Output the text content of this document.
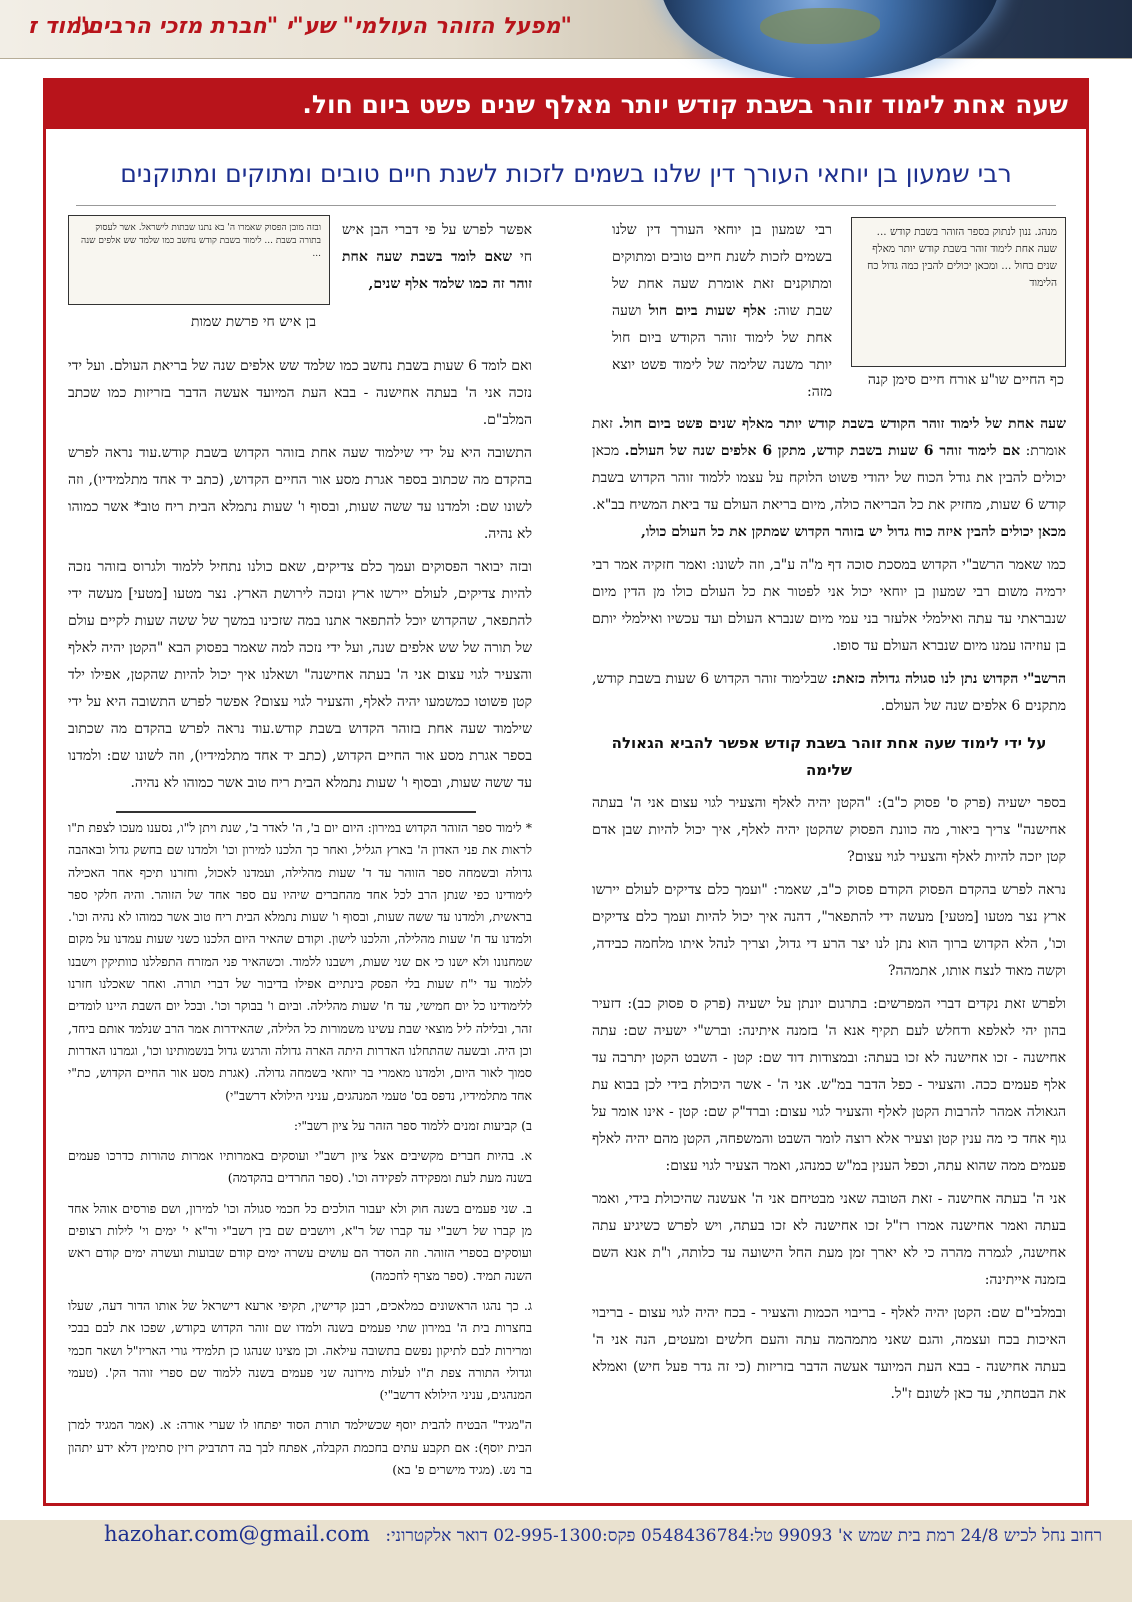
"מפעל הזוהר העולמי" שע"י "חברת מזכי הרבים"
עמוד ז
שעה אחת לימוד זוהר בשבת קודש יותר מאלף שנים פשט ביום חול.
רבי שמעון בן יוחאי העורך דין שלנו בשמים לזכות לשנת חיים טובים ומתוקים ומתוקנים
מנהג. ננון לנתוק בספר הזוהר בשבת קודש ... שעה אחת לימוד זוהר בשבת קודש יותר מאלף שנים בחול ... ומכאן יכולים להבין כמה גדול כח הלימוד
כף החיים שו"ע אורח חיים סימן קנה

רבי שמעון בן יוחאי העורך דין שלנו בשמים לזכות לשנת חיים טובים ומתוקים ומתוקנים זאת אומרת שעה אחת של שבת שוה: אלף שעות ביום חול ושעה אחת של לימוד זוהר הקודש ביום חול יותר משנה שלימה של לימוד פשט יוצא מזה:

שעה אחת של לימוד זוהר הקודש בשבת קודש יותר מאלף שנים פשט ביום חול. זאת אומרת: אם לימוד זוהר 6 שעות בשבת קודש, מתקן 6 אלפים שנה של העולם. מכאן יכולים להבין את גודל הכוח של יהודי פשוט הלוקח על עצמו ללמוד זוהר הקדוש בשבת קודש 6 שעות, מחזיק את כל הבריאה כולה, מיום בריאת העולם עד ביאת המשיח בב"א. מכאן יכולים להבין איזה כוח גדול יש בזוהר הקדוש שמתקן את כל העולם כולו,

כמו שאמר הרשב"י הקדוש במסכת סוכה דף מ"ה ע"ב, וזה לשונו: ואמר חזקיה אמר רבי ירמיה משום רבי שמעון בן יוחאי יכול אני לפטור את כל העולם כולו מן הדין מיום שנבראתי עד עתה ואילמלי אלעזר בני עמי מיום שנברא העולם ועד עכשיו ואילמלי יותם בן עוזיהו עמנו מיום שנברא העולם עד סופו.

הרשב"י הקדוש נתן לנו סגולה גדולה כזאת: שבלימוד זוהר הקדוש 6 שעות בשבת קודש, מתקנים 6 אלפים שנה של העולם.

על ידי לימוד שעה אחת זוהר בשבת קודש אפשר להביא הגאולה שלימה

בספר ישעיה (פרק ס' פסוק כ"ב): "הקטן יהיה לאלף והצעיר לגוי עצום אני ה' בעתה אחישנה" צריך ביאור, מה כוונת הפסוק שהקטן יהיה לאלף, איך יכול להיות שבן אדם קטן יזכה להיות לאלף והצעיר לגוי עצום?

נראה לפרש בהקדם הפסוק הקודם פסוק כ"ב, שאמר: "ועמך כלם צדיקים לעולם יירשו ארץ נצר מטעו [מטעי] מעשה ידי להתפאר", דהנה איך יכול להיות ועמך כלם צדיקים וכו', הלא הקדוש ברוך הוא נתן לנו יצר הרע די גדול, וצריך לנהל איתו מלחמה כבידה, וקשה מאוד לנצח אותו, אתמהה?

ולפרש זאת נקדים דברי המפרשים: בתרגום יונתן על ישעיה (פרק ס פסוק כב): דזעיר בהון יהי לאלפא ודחלש לעם תקיף אנא ה' בזמנה איתינה: וברש"י ישעיה שם: עתה אחישנה - זכו אחישנה לא זכו בעתה: ובמצודות דוד שם: קטן - השבט הקטן יתרבה עד אלף פעמים ככה. והצעיר - כפל הדבר במ"ש. אני ה' - אשר היכולת בידי לכן בבוא עת הגאולה אמהר להרבות הקטן לאלף והצעיר לגוי עצום: וברד"ק שם: קטן - אינו אומר על גוף אחד כי מה ענין קטן וצעיר אלא רוצה לומר השבט והמשפחה, הקטן מהם יהיה לאלף פעמים ממה שהוא עתה, וכפל הענין במ"ש כמנהג, ואמר הצעיר לגוי עצום:

אני ה' בעתה אחישנה - זאת הטובה שאני מבטיחם אני ה' אעשנה שהיכולת בידי, ואמר בעתה ואמר אחישנה אמרו רז"ל זכו אחישנה לא זכו בעתה, ויש לפרש כשיגיע עתה אחישנה, לגמרה מהרה כי לא יארך זמן מעת החל הישועה עד כלותה, ו"ת אנא השם בזמנה אייתינה:

ובמלבי"ם שם: הקטן יהיה לאלף - בריבוי הכמות והצעיר - בכח יהיה לגוי עצום - בריבוי האיכות בכח ועצמה, והגם שאני מתמהמה עתה והעם חלשים ומעטים, הנה אני ה' בעתה אחישנה - בבא העת המיועד אעשה הדבר בזריזות (כי זה גדר פעל חיש) ואמלא את הבטחתי, עד כאן לשונם ז"ל.

ובזה מובן הפסוק שאמרו ה' בא נתנו שבתות לישראל. אשר לעסוק בתורה בשבת ... לימוד בשבת קודש נחשב כמו שלמד שש אלפים שנה ...
בן איש חי פרשת שמות

אפשר לפרש על פי דברי הבן איש חי שאם לומד בשבת שעה אחת זוהר זה כמו שלמד אלף שנים,

ואם לומד 6 שעות בשבת נחשב כמו שלמד שש אלפים שנה של בריאת העולם. ועל ידי נזכה אני ה' בעתה אחישנה - בבא העת המיועד אעשה הדבר בזריזות כמו שכתב המלב"ם.

התשובה היא על ידי שילמוד שעה אחת בזוהר הקדוש בשבת קודש.עוד נראה לפרש בהקדם מה שכתוב בספר אגרת מסע אור החיים הקדוש, (כתב יד אחד מתלמידיו), וזה לשונו שם: ולמדנו עד ששה שעות, ובסוף ו' שעות נתמלא הבית ריח טוב* אשר כמוהו לא נהיה.

ובזה יבואר הפסוקים ועמך כלם צדיקים, שאם כולנו נתחיל ללמוד ולגרוס בזוהר נזכה להיות צדיקים, לעולם יירשו ארץ ונזכה לירושת הארץ. נצר מטעו [מטעי] מעשה ידי להתפאר, שהקדוש יוכל להתפאר אתנו במה שזכינו במשך של ששה שעות לקיים עולם של תורה של שש אלפים שנה, ועל ידי נזכה למה שאמר בפסוק הבא "הקטן יהיה לאלף והצעיר לגוי עצום אני ה' בעתה אחישנה" ושאלנו איך יכול להיות שהקטן, אפילו ילד קטן פשוטו כמשמעו יהיה לאלף, והצעיר לגוי עצום? אפשר לפרש התשובה היא על ידי שילמוד שעה אחת בזוהר הקדוש בשבת קודש.עוד נראה לפרש בהקדם מה שכתוב בספר אגרת מסע אור החיים הקדוש, (כתב יד אחד מתלמידיו), וזה לשונו שם: ולמדנו עד ששה שעות, ובסוף ו' שעות נתמלא הבית ריח טוב אשר כמוהו לא נהיה.

* לימוד ספר הזוהר הקדוש במירון: היום יום ב', ה' לאדר ב', שנת ויתן ל"ו, נסענו מעכו לצפת ת"ו לראות את פני האדון ה' בארץ הגליל, ואחר כך הלכנו למירון וכו' ולמדנו שם בחשק גדול ובאהבה גדולה ובשמחה ספר הזוהר עד ד' שעות מהלילה, ועמדנו לאכול, וחזרנו תיכף אחר האכילה לימודינו כפי שנתן הרב לכל אחד מהחברים שיהיו עם ספר אחד של הזוהר. והיה חלקי ספר בראשית, ולמדנו עד ששה שעות, ובסוף ו' שעות נתמלא הבית ריח טוב אשר כמוהו לא נהיה וכו'. ולמדנו עד ח' שעות מהלילה, והלכנו לישון. וקודם שהאיר היום הלכנו כשני שעות עמדנו על מקום שמחנונו ולא ישנו כי אם שני שעות, וישבנו ללמוד. וכשהאיר פני המזרח התפללנו כוותיקין וישבנו ללמוד עד י"ח שעות בלי הפסק בינתיים אפילו בדיבור של דברי תורה. ואחר שאכלנו חזרנו ללימודינו כל יום חמישי, עד ח' שעות מהלילה. וביום ו' בבוקר וכו'. ובכל יום השבת היינו לומדים זהר, ובלילה ליל מוצאי שבת עשינו משמורות כל הלילה, שהאידרות אמר הרב שנלמד אותם ביחד, וכן היה. ובשעה שהתחלנו האדרות היתה הארה גדולה והרגש גדול בנשמותינו וכו', וגמרנו האדרות סמוך לאור היום, ולמדנו מאמרי בר יוחאי בשמחה גדולה. (אגרת מסע אור החיים הקדוש, כת"י אחד מתלמידיו, נדפס בס' טעמי המנהגים, עניני הילולא דרשב"י)

ב) קביעות זמנים ללמוד ספר הזהר על ציון רשב"י:

א. בהיות חברים מקשיבים אצל ציון רשב"י ועוסקים באמרותיו אמרות טהורות כדרכו פעמים בשנה מעת לעת ומפקידה לפקידה וכו'. (ספר החרדים בהקדמה)

ב. שני פעמים בשנה חוק ולא יעבור הולכים כל חכמי סגולה וכו' למירון, ושם פורסים אוהל אחד מן קברו של רשב"י עד קברו של ר"א, ויושבים שם בין רשב"י ור"א י' ימים וי' לילות רצופים ועוסקים בספרי הזוהר. וזה הסדר הם עושים עשרה ימים קודם שבועות ועשרה ימים קודם ראש השנה תמיד. (ספר מצרף לחכמה)

ג. כך נהגו הראשונים כמלאכים, רבנן קדישין, תקיפי ארעא דישראל של אותו הדור דעה, שעלו בחצרות בית ה' במירון שתי פעמים בשנה ולמדו שם זוהר הקדוש בקודש, שפכו את לבם בבכי ומרירות לבם לתיקון נפשם בתשובה עילאה. וכן מצינו שנהגו כן תלמידי גורי האריז"ל ושאר חכמי וגדולי התורה צפת ת"ו לעלות מירונה שני פעמים בשנה ללמוד שם ספרי זוהר הק'. (טעמי המנהגים, עניני הילולא דרשב"י)

ה"מגיד" הבטיח להבית יוסף שכשילמד תורת הסוד יפתחו לו שערי אורה: א. (אמר המגיד למרן הבית יוסף): אם תקבע עתים בחכמת הקבלה, אפתח לבך בה דתדביק רזין סתימין דלא ידע יתהון בר נש. (מגיד מישרים פ' בא)

רחוב נחל לכיש 24/8 רמת בית שמש א' 99093 טל:0548436784 פקס:02-995-1300 דואר אלקטרוני:
hazohar.com@gmail.com
